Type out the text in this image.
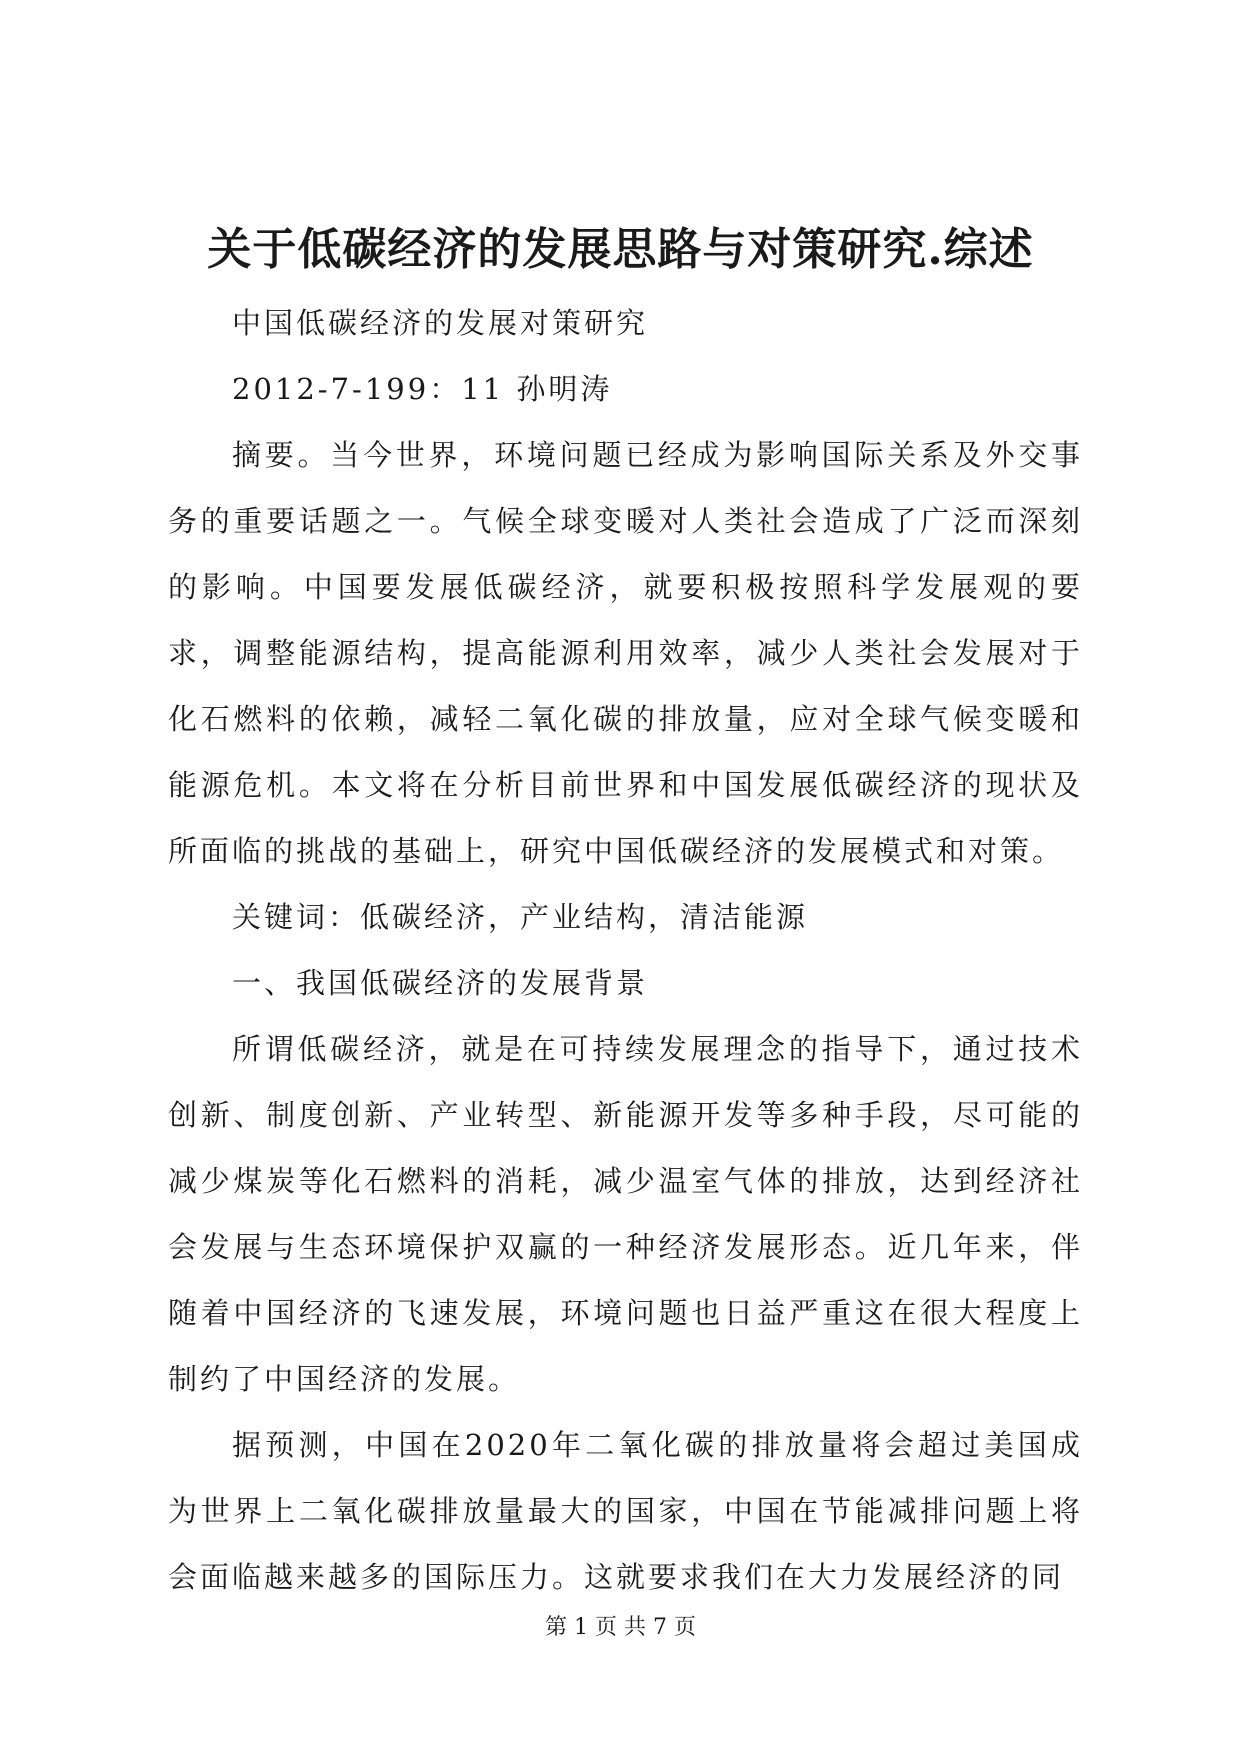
关于低碳经济的发展思路与对策研究.综述

中国低碳经济的发展对策研究

2012-7-199：11 孙明涛

摘要。当今世界，环境问题已经成为影响国际关系及外交事务的重要话题之一。气候全球变暖对人类社会造成了广泛而深刻的影响。中国要发展低碳经济，就要积极按照科学发展观的要求，调整能源结构，提高能源利用效率，减少人类社会发展对于化石燃料的依赖，减轻二氧化碳的排放量，应对全球气候变暖和能源危机。本文将在分析目前世界和中国发展低碳经济的现状及所面临的挑战的基础上，研究中国低碳经济的发展模式和对策。

关键词：低碳经济，产业结构，清洁能源

一、我国低碳经济的发展背景

所谓低碳经济，就是在可持续发展理念的指导下，通过技术创新、制度创新、产业转型、新能源开发等多种手段，尽可能的减少煤炭等化石燃料的消耗，减少温室气体的排放，达到经济社会发展与生态环境保护双赢的一种经济发展形态。近几年来，伴随着中国经济的飞速发展，环境问题也日益严重这在很大程度上制约了中国经济的发展。

据预测，中国在2020年二氧化碳的排放量将会超过美国成为世界上二氧化碳排放量最大的国家，中国在节能减排问题上将会面临越来越多的国际压力。这就要求我们在大力发展经济的同

第 1 页 共 7 页
